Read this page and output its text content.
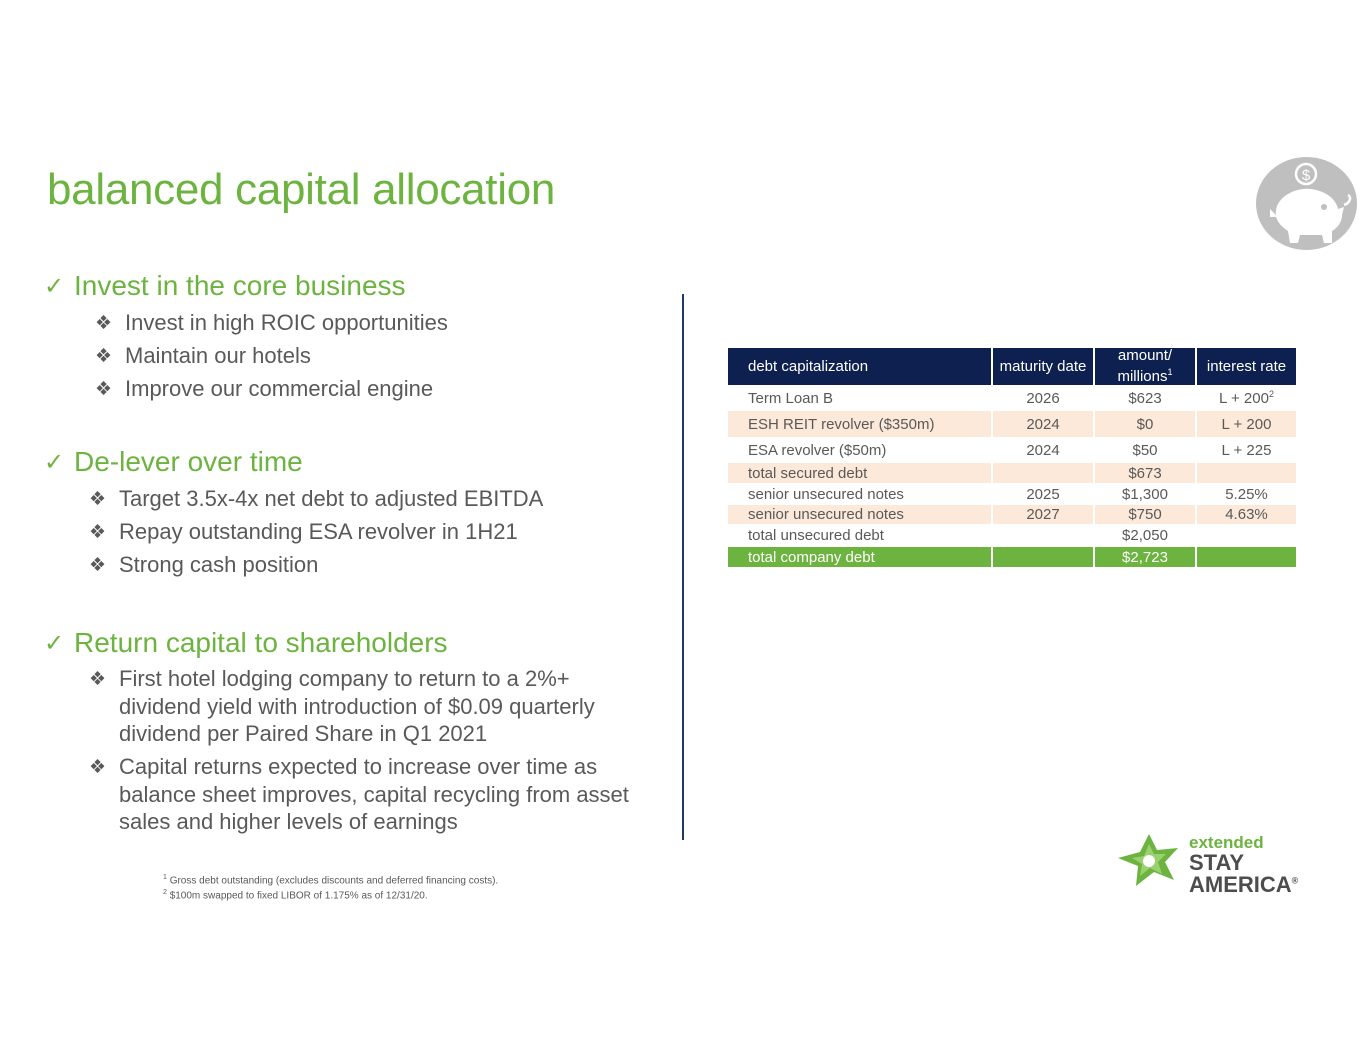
balanced capital allocation	$
✓ Invest in the core business
❖ Invest in high ROIC opportunities
❖ Maintain our hotels
❖ Improve our commercial engine
✓ De-lever over time
❖ Target 3.5x-4x net debt to adjusted EBITDA
❖ Repay outstanding ESA revolver in 1H21
❖ Strong cash position
✓ Return capital to shareholders
❖ First hotel lodging company to return to a 2%+ dividend yield with introduction of $0.09 quarterly dividend per Paired Share in Q1 2021
❖ Capital returns expected to increase over time as balance sheet improves, capital recycling from asset sales and higher levels of earnings
debt capitalization	maturity date	amount/ millions$^1$	interest rate
Term Loan B	2026	$623	$L + 200^2$
ESH REIT revolver ($350m)	2024	$0	L + 200
ESA revolver ($50m)	2024	$50	L + 225
total secured debt		$673	
senior unsecured notes	2025	$1,300	5.25%
senior unsecured notes	2027	$750	4.63%
total unsecured debt		$2,050	
total company debt		$2,723	
$^1$ Gross debt outstanding (excludes discounts and deferred financing costs).
$^2$ $100m swapped to fixed LIBOR of 1.175% as of 12/31/20.
extended
STAY
AMERICA®
